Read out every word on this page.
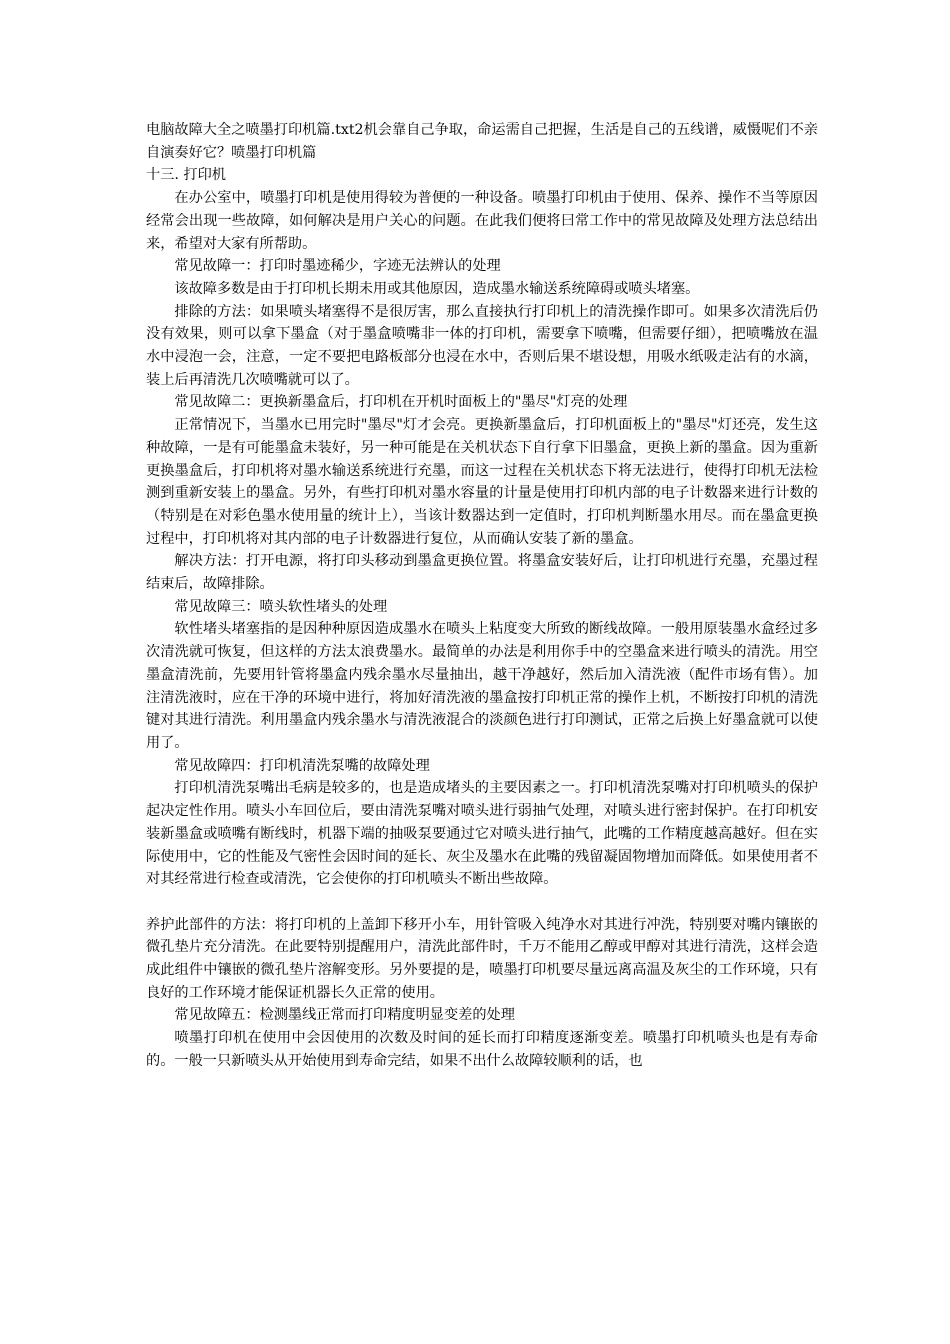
电脑故障大全之喷墨打印机篇.txt2机会靠自己争取，命运需自己把握，生活是自己的五线谱，威慑呢们不亲自演奏好它？喷墨打印机篇

十三. 打印机

在办公室中，喷墨打印机是使用得较为普便的一种设备。喷墨打印机由于使用、保养、操作不当等原因经常会出现一些故障，如何解决是用户关心的问题。在此我们便将曰常工作中的常见故障及处理方法总结出来，希望对大家有所帮助。

常见故障一：打印时墨迹稀少，字迹无法辨认的处理

该故障多数是由于打印机长期未用或其他原因，造成墨水输送系统障碍或喷头堵塞。

排除的方法：如果喷头堵塞得不是很厉害，那么直接执行打印机上的清洗操作即可。如果多次清洗后仍没有效果，则可以拿下墨盒（对于墨盒喷嘴非一体的打印机，需要拿下喷嘴，但需要仔细），把喷嘴放在温水中浸泡一会，注意，一定不要把电路板部分也浸在水中，否则后果不堪设想，用吸水纸吸走沾有的水滴，装上后再清洗几次喷嘴就可以了。

常见故障二：更换新墨盒后，打印机在开机时面板上的"墨尽"灯亮的处理

正常情况下，当墨水已用完时"墨尽"灯才会亮。更换新墨盒后，打印机面板上的"墨尽"灯还亮，发生这种故障，一是有可能墨盒未装好，另一种可能是在关机状态下自行拿下旧墨盒，更换上新的墨盒。因为重新更换墨盒后，打印机将对墨水输送系统进行充墨，而这一过程在关机状态下将无法进行，使得打印机无法检测到重新安装上的墨盒。另外，有些打印机对墨水容量的计量是使用打印机内部的电子计数器来进行计数的（特别是在对彩色墨水使用量的统计上），当该计数器达到一定值时，打印机判断墨水用尽。而在墨盒更换过程中，打印机将对其内部的电子计数器进行复位，从而确认安装了新的墨盒。

解决方法：打开电源，将打印头移动到墨盒更换位置。将墨盒安装好后，让打印机进行充墨，充墨过程结束后，故障排除。

常见故障三：喷头软性堵头的处理

软性堵头堵塞指的是因种种原因造成墨水在喷头上粘度变大所致的断线故障。一般用原装墨水盒经过多次清洗就可恢复，但这样的方法太浪费墨水。最简单的办法是利用你手中的空墨盒来进行喷头的清洗。用空墨盒清洗前，先要用针管将墨盒内残余墨水尽量抽出，越干净越好，然后加入清洗液（配件市场有售）。加注清洗液时，应在干净的环境中进行，将加好清洗液的墨盒按打印机正常的操作上机，不断按打印机的清洗键对其进行清洗。利用墨盒内残余墨水与清洗液混合的淡颜色进行打印测试，正常之后换上好墨盒就可以使用了。

常见故障四：打印机清洗泵嘴的故障处理

打印机清洗泵嘴出毛病是较多的，也是造成堵头的主要因素之一。打印机清洗泵嘴对打印机喷头的保护起决定性作用。喷头小车回位后，要由清洗泵嘴对喷头进行弱抽气处理，对喷头进行密封保护。在打印机安装新墨盒或喷嘴有断线时，机器下端的抽吸泵要通过它对喷头进行抽气，此嘴的工作精度越高越好。但在实际使用中，它的性能及气密性会因时间的延长、灰尘及墨水在此嘴的残留凝固物增加而降低。如果使用者不对其经常进行检查或清洗，它会使你的打印机喷头不断出些故障。

养护此部件的方法：将打印机的上盖卸下移开小车，用针管吸入纯净水对其进行冲洗，特别要对嘴内镶嵌的微孔垫片充分清洗。在此要特别提醒用户，清洗此部件时，千万不能用乙醇或甲醇对其进行清洗，这样会造成此组件中镶嵌的微孔垫片溶解变形。另外要提的是，喷墨打印机要尽量远离高温及灰尘的工作环境，只有良好的工作环境才能保证机器长久正常的使用。

常见故障五：检测墨线正常而打印精度明显变差的处理

喷墨打印机在使用中会因使用的次数及时间的延长而打印精度逐渐变差。喷墨打印机喷头也是有寿命的。一般一只新喷头从开始使用到寿命完结，如果不出什么故障较顺利的话，也
